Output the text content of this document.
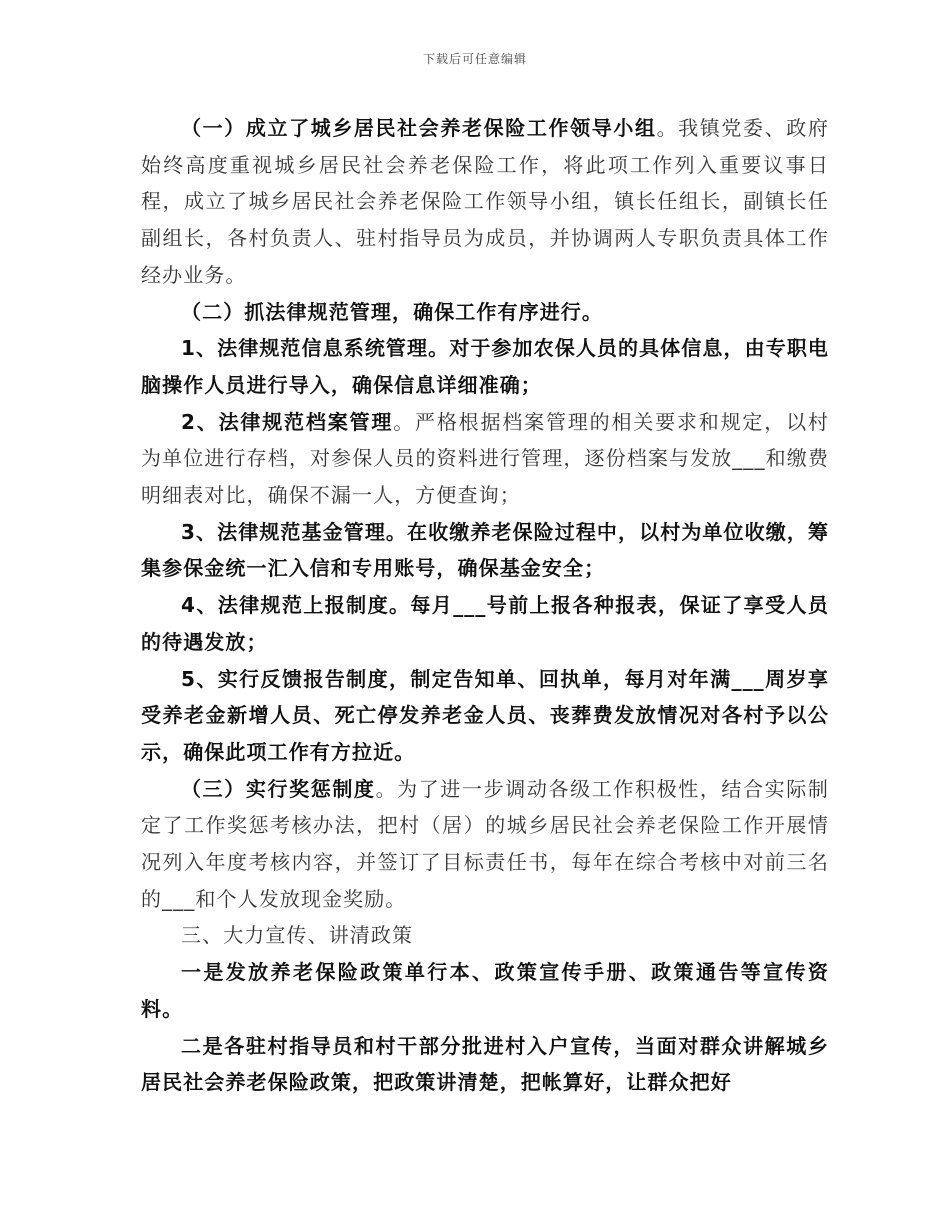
下载后可任意编辑

（一）成立了城乡居民社会养老保险工作领导小组。我镇党委、政府始终高度重视城乡居民社会养老保险工作，将此项工作列入重要议事日程，成立了城乡居民社会养老保险工作领导小组，镇长任组长，副镇长任副组长，各村负责人、驻村指导员为成员，并协调两人专职负责具体工作经办业务。

（二）抓法律规范管理，确保工作有序进行。

1、法律规范信息系统管理。对于参加农保人员的具体信息，由专职电脑操作人员进行导入，确保信息详细准确；

2、法律规范档案管理。严格根据档案管理的相关要求和规定，以村为单位进行存档，对参保人员的资料进行管理，逐份档案与发放___和缴费明细表对比，确保不漏一人，方便查询；

3、法律规范基金管理。在收缴养老保险过程中，以村为单位收缴，筹集参保金统一汇入信和专用账号，确保基金安全；

4、法律规范上报制度。每月___号前上报各种报表，保证了享受人员的待遇发放；

5、实行反馈报告制度，制定告知单、回执单，每月对年满___周岁享受养老金新增人员、死亡停发养老金人员、丧葬费发放情况对各村予以公示，确保此项工作有方拉近。

（三）实行奖惩制度。为了进一步调动各级工作积极性，结合实际制定了工作奖惩考核办法，把村（居）的城乡居民社会养老保险工作开展情况列入年度考核内容，并签订了目标责任书，每年在综合考核中对前三名的___和个人发放现金奖励。

三、大力宣传、讲清政策

一是发放养老保险政策单行本、政策宣传手册、政策通告等宣传资料。

二是各驻村指导员和村干部分批进村入户宣传，当面对群众讲解城乡居民社会养老保险政策，把政策讲清楚，把帐算好，让群众把好
